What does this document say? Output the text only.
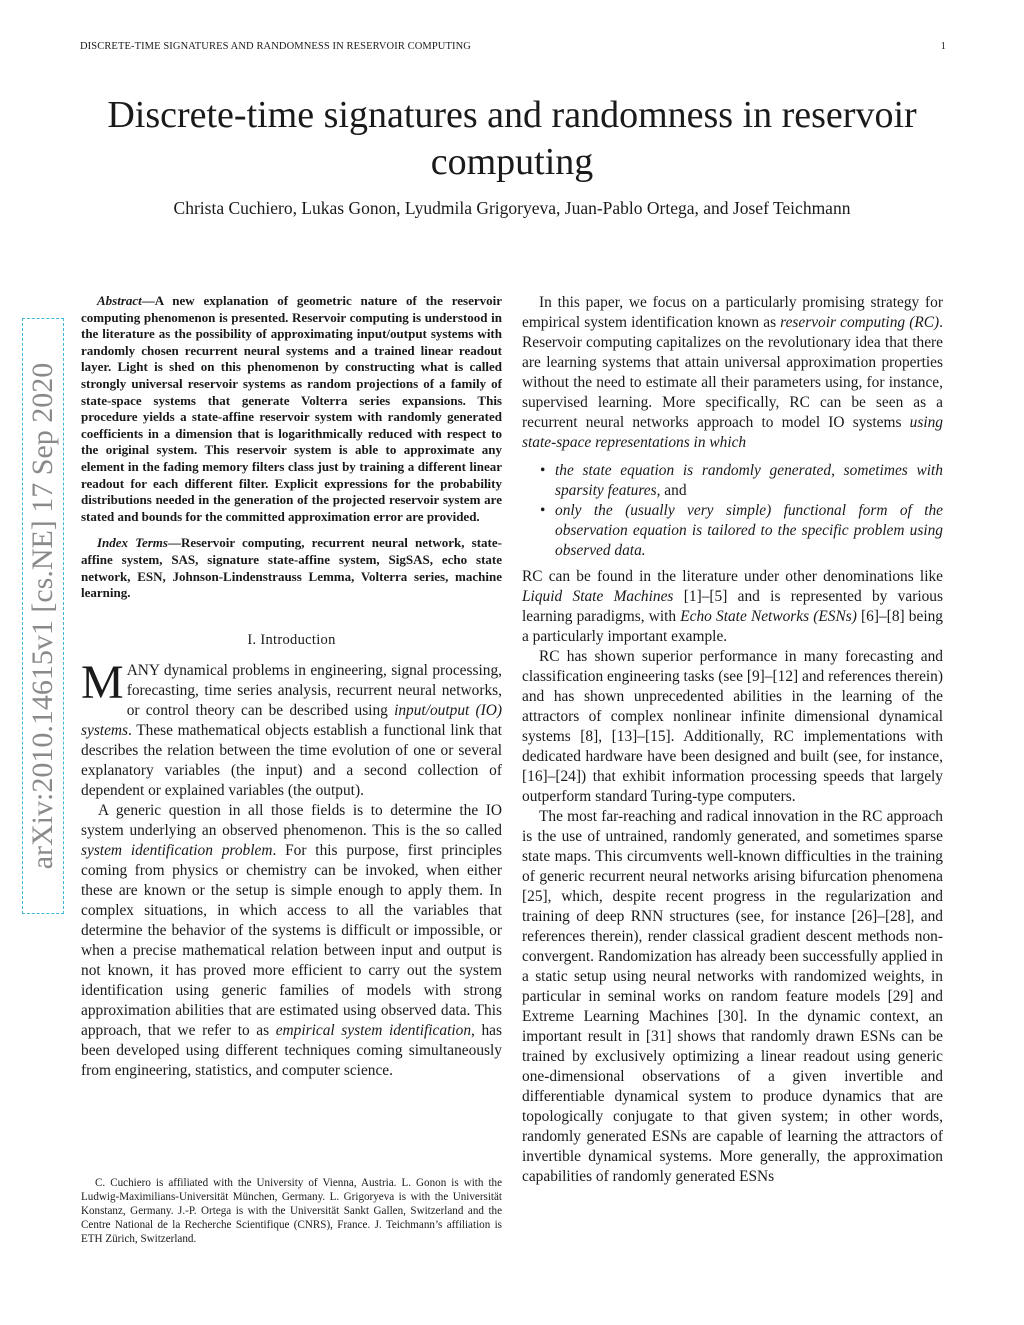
DISCRETE-TIME SIGNATURES AND RANDOMNESS IN RESERVOIR COMPUTING	1
Discrete-time signatures and randomness in reservoir computing
Christa Cuchiero, Lukas Gonon, Lyudmila Grigoryeva, Juan-Pablo Ortega, and Josef Teichmann
arXiv:2010.14615v1 [cs.NE] 17 Sep 2020

Abstract—A new explanation of geometric nature of the reservoir computing phenomenon is presented. Reservoir computing is understood in the literature as the possibility of approximating input/output systems with randomly chosen recurrent neural systems and a trained linear readout layer. Light is shed on this phenomenon by constructing what is called strongly universal reservoir systems as random projections of a family of state-space systems that generate Volterra series expansions. This procedure yields a state-affine reservoir system with randomly generated coefficients in a dimension that is logarithmically reduced with respect to the original system. This reservoir system is able to approximate any element in the fading memory filters class just by training a different linear readout for each different filter. Explicit expressions for the probability distributions needed in the generation of the projected reservoir system are stated and bounds for the committed approximation error are provided.

Index Terms—Reservoir computing, recurrent neural network, state-affine system, SAS, signature state-affine system, SigSAS, echo state network, ESN, Johnson-Lindenstrauss Lemma, Volterra series, machine learning.

I. Introduction

MANY dynamical problems in engineering, signal processing, forecasting, time series analysis, recurrent neural networks, or control theory can be described using input/output (IO) systems. These mathematical objects establish a functional link that describes the relation between the time evolution of one or several explanatory variables (the input) and a second collection of dependent or explained variables (the output).

A generic question in all those fields is to determine the IO system underlying an observed phenomenon. This is the so called system identification problem. For this purpose, first principles coming from physics or chemistry can be invoked, when either these are known or the setup is simple enough to apply them. In complex situations, in which access to all the variables that determine the behavior of the systems is difficult or impossible, or when a precise mathematical relation between input and output is not known, it has proved more efficient to carry out the system identification using generic families of models with strong approximation abilities that are estimated using observed data. This approach, that we refer to as empirical system identification, has been developed using different techniques coming simultaneously from engineering, statistics, and computer science.

C. Cuchiero is affiliated with the University of Vienna, Austria. L. Gonon is with the Ludwig-Maximilians-Universität München, Germany. L. Grigoryeva is with the Universität Konstanz, Germany. J.-P. Ortega is with the Universität Sankt Gallen, Switzerland and the Centre National de la Recherche Scientifique (CNRS), France. J. Teichmann’s affiliation is ETH Zürich, Switzerland.

In this paper, we focus on a particularly promising strategy for empirical system identification known as reservoir computing (RC). Reservoir computing capitalizes on the revolutionary idea that there are learning systems that attain universal approximation properties without the need to estimate all their parameters using, for instance, supervised learning. More specifically, RC can be seen as a recurrent neural networks approach to model IO systems using state-space representations in which

• the state equation is randomly generated, sometimes with sparsity features, and
• only the (usually very simple) functional form of the observation equation is tailored to the specific problem using observed data.

RC can be found in the literature under other denominations like Liquid State Machines [1]–[5] and is represented by various learning paradigms, with Echo State Networks (ESNs) [6]–[8] being a particularly important example.

RC has shown superior performance in many forecasting and classification engineering tasks (see [9]–[12] and references therein) and has shown unprecedented abilities in the learning of the attractors of complex nonlinear infinite dimensional dynamical systems [8], [13]–[15]. Additionally, RC implementations with dedicated hardware have been designed and built (see, for instance, [16]–[24]) that exhibit information processing speeds that largely outperform standard Turing-type computers.

The most far-reaching and radical innovation in the RC approach is the use of untrained, randomly generated, and sometimes sparse state maps. This circumvents well-known difficulties in the training of generic recurrent neural networks arising bifurcation phenomena [25], which, despite recent progress in the regularization and training of deep RNN structures (see, for instance [26]–[28], and references therein), render classical gradient descent methods non-convergent. Randomization has already been successfully applied in a static setup using neural networks with randomized weights, in particular in seminal works on random feature models [29] and Extreme Learning Machines [30]. In the dynamic context, an important result in [31] shows that randomly drawn ESNs can be trained by exclusively optimizing a linear readout using generic one-dimensional observations of a given invertible and differentiable dynamical system to produce dynamics that are topologically conjugate to that given system; in other words, randomly generated ESNs are capable of learning the attractors of invertible dynamical systems. More generally, the approximation capabilities of randomly generated ESNs
